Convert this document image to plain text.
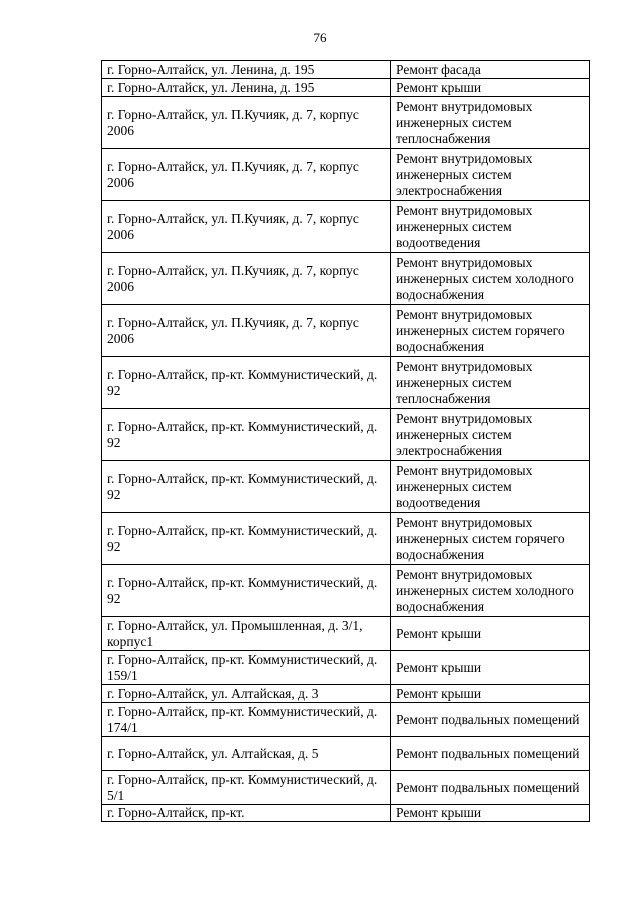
76
г. Горно-Алтайск, ул. Ленина, д. 195	Ремонт фасада
г. Горно-Алтайск, ул. Ленина, д. 195	Ремонт крыши
г. Горно-Алтайск, ул. П.Кучияк, д. 7, корпус 2006	Ремонт внутридомовых инженерных систем теплоснабжения
г. Горно-Алтайск, ул. П.Кучияк, д. 7, корпус 2006	Ремонт внутридомовых инженерных систем электроснабжения
г. Горно-Алтайск, ул. П.Кучияк, д. 7, корпус 2006	Ремонт внутридомовых инженерных систем водоотведения
г. Горно-Алтайск, ул. П.Кучияк, д. 7, корпус 2006	Ремонт внутридомовых инженерных систем холодного водоснабжения
г. Горно-Алтайск, ул. П.Кучияк, д. 7, корпус 2006	Ремонт внутридомовых инженерных систем горячего водоснабжения
г. Горно-Алтайск, пр-кт. Коммунистический, д. 92	Ремонт внутридомовых инженерных систем теплоснабжения
г. Горно-Алтайск, пр-кт. Коммунистический, д. 92	Ремонт внутридомовых инженерных систем электроснабжения
г. Горно-Алтайск, пр-кт. Коммунистический, д. 92	Ремонт внутридомовых инженерных систем водоотведения
г. Горно-Алтайск, пр-кт. Коммунистический, д. 92	Ремонт внутридомовых инженерных систем горячего водоснабжения
г. Горно-Алтайск, пр-кт. Коммунистический, д. 92	Ремонт внутридомовых инженерных систем холодного водоснабжения
г. Горно-Алтайск, ул. Промышленная, д. 3/1, корпус1	Ремонт крыши
г. Горно-Алтайск, пр-кт. Коммунистический, д. 159/1	Ремонт крыши
г. Горно-Алтайск, ул. Алтайская, д. 3	Ремонт крыши
г. Горно-Алтайск, пр-кт. Коммунистический, д. 174/1	Ремонт подвальных помещений
г. Горно-Алтайск, ул. Алтайская, д. 5	Ремонт подвальных помещений
г. Горно-Алтайск, пр-кт. Коммунистический, д. 5/1	Ремонт подвальных помещений
г. Горно-Алтайск, пр-кт.	Ремонт крыши
